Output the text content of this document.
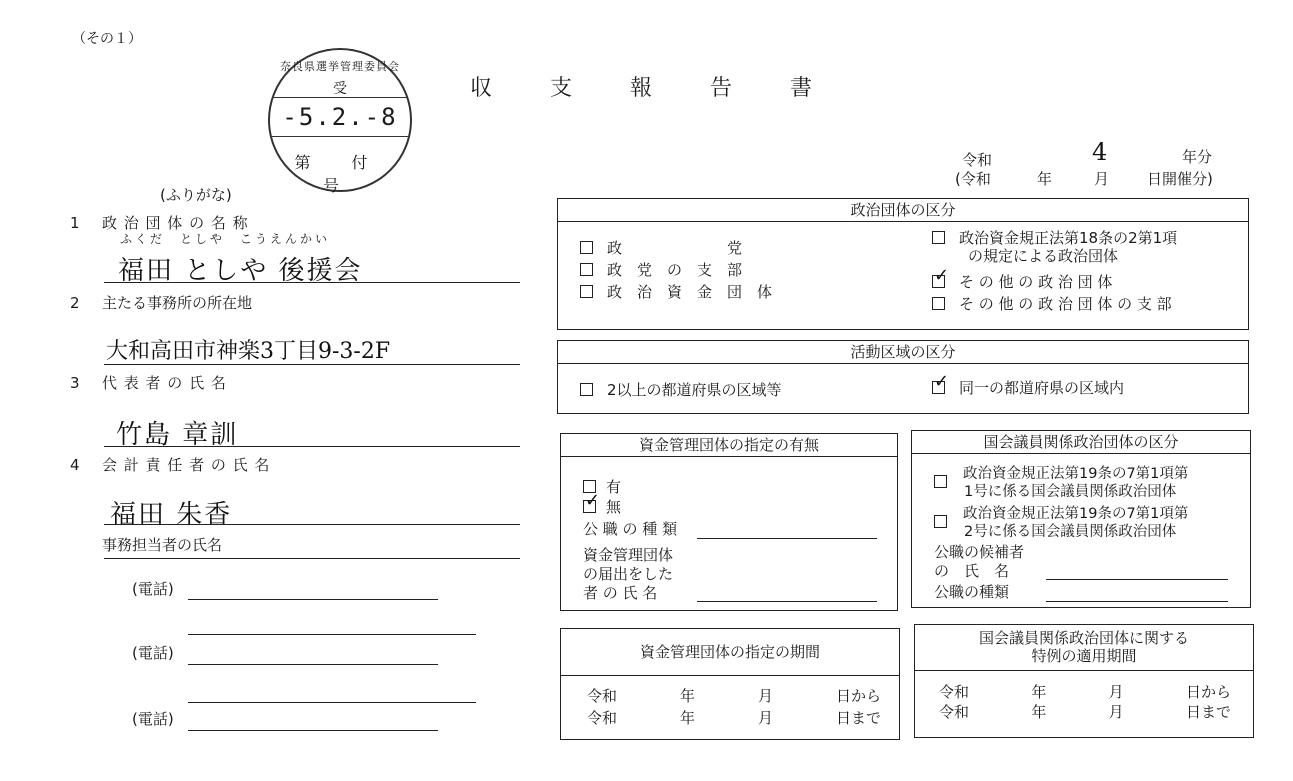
（その１）
収　支　報　告　書
奈良県選挙管理委員会
受
-5.2.-8
第 付 号
令和	4	年分
(令和	年	月	日開催分)
(ふりがな)
1 政 治 団 体 の 名 称
ふくだ　としや　こうえんかい
福田 としや 後援会
2 主たる事務所の所在地
大和高田市神楽3丁目9-3-2F
3 代 表 者 の 氏 名
竹島 章訓
4 会 計 責 任 者 の 氏 名
福田 朱香
事務担当者の氏名
(電話)
(電話)
(電話)
政治団体の区分
政　　　　　　　党
政　党　の　支　部
政　治　資　金　団　体
政治資金規正法第18条の2第1項
の規定による政治団体
✓そ の 他 の 政 治 団 体
そ の 他 の 政 治 団 体 の 支 部
活動区域の区分
2以上の都道府県の区域等
✓	同一の都道府県の区域内
資金管理団体の指定の有無
有
✓無
公 職 の 種 類
資金管理団体
の届出をした
者 の 氏 名
国会議員関係政治団体の区分
政治資金規正法第19条の7第1項第
1号に係る国会議員関係政治団体
政治資金規正法第19条の7第1項第
2号に係る国会議員関係政治団体
公職の候補者
の　氏　名
公職の種類
資金管理団体の指定の期間
令和	年	月	日から
令和	年	月	日まで
国会議員関係政治団体に関する
特例の適用期間
令和	年	月	日から
令和	年	月	日まで
